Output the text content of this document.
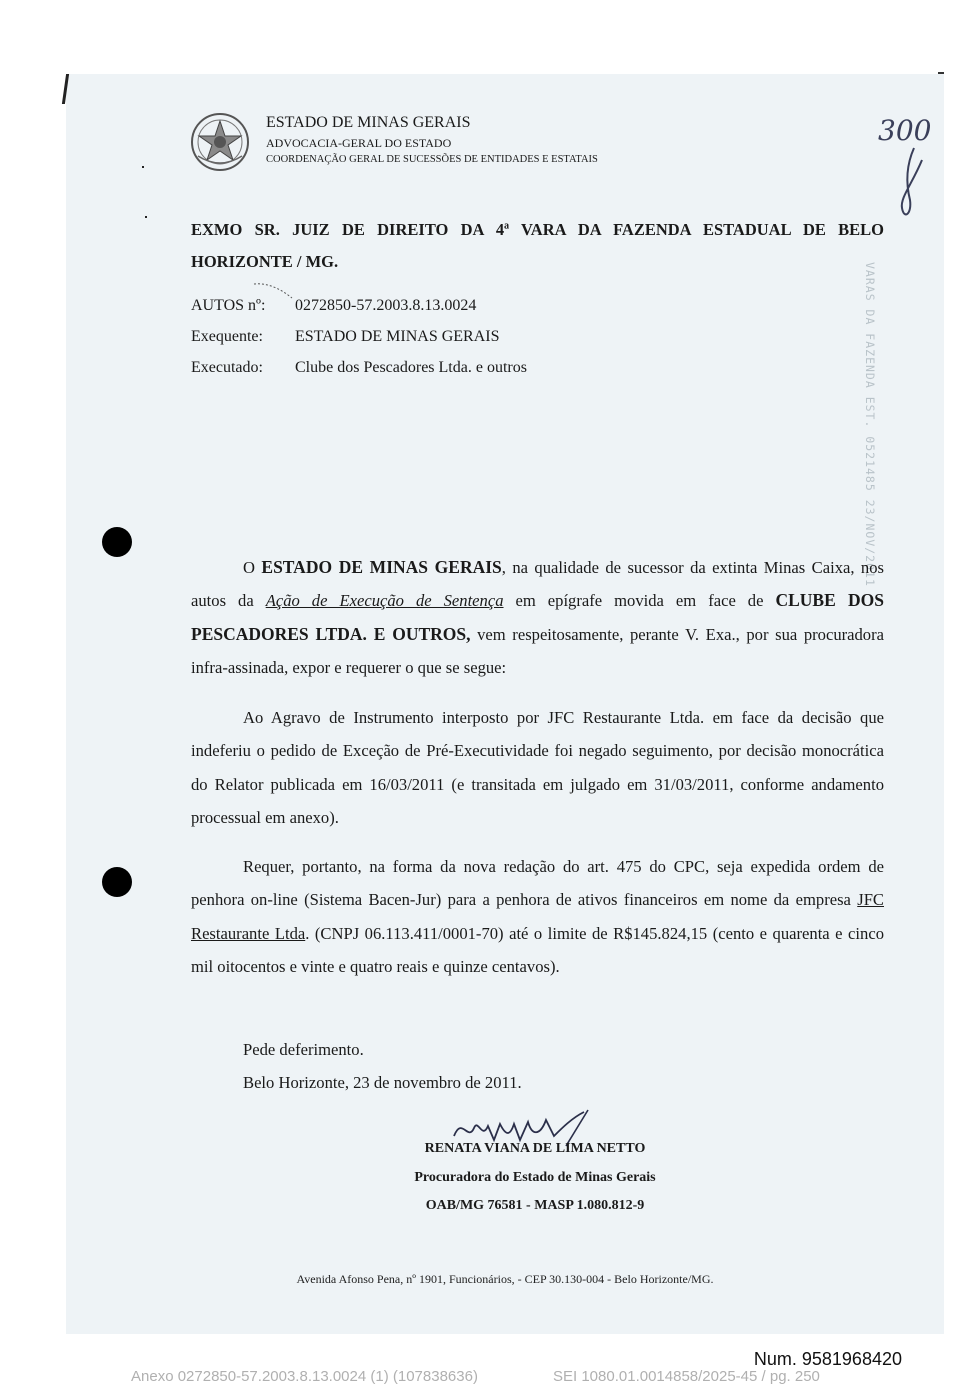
ESTADO DE MINAS GERAIS
ADVOCACIA-GERAL DO ESTADO
COORDENAÇÃO GERAL DE SUCESSÕES DE ENTIDADES E ESTATAIS
300
VARAS DA FAZENDA EST. 0521485 23/NOV/2011
EXMO SR. JUIZ DE DIREITO DA 4ª VARA DA FAZENDA ESTADUAL DE BELO HORIZONTE / MG.
AUTOS nº: 0272850-57.2003.8.13.0024
Exequente: ESTADO DE MINAS GERAIS
Executado: Clube dos Pescadores Ltda. e outros

O ESTADO DE MINAS GERAIS, na qualidade de sucessor da extinta Minas Caixa, nos autos da Ação de Execução de Sentença em epígrafe movida em face de CLUBE DOS PESCADORES LTDA. E OUTROS, vem respeitosamente, perante V. Exa., por sua procuradora infra-assinada, expor e requerer o que se segue:

Ao Agravo de Instrumento interposto por JFC Restaurante Ltda. em face da decisão que indeferiu o pedido de Exceção de Pré-Executividade foi negado seguimento, por decisão monocrática do Relator publicada em 16/03/2011 (e transitada em julgado em 31/03/2011, conforme andamento processual em anexo).

Requer, portanto, na forma da nova redação do art. 475 do CPC, seja expedida ordem de penhora on-line (Sistema Bacen-Jur) para a penhora de ativos financeiros em nome da empresa JFC Restaurante Ltda. (CNPJ 06.113.411/0001-70) até o limite de R$145.824,15 (cento e quarenta e cinco mil oitocentos e vinte e quatro reais e quinze centavos).

Pede deferimento.
Belo Horizonte, 23 de novembro de 2011.
RENATA VIANA DE LIMA NETTO
Procuradora do Estado de Minas Gerais
OAB/MG 76581 - MASP 1.080.812-9
Avenida Afonso Pena, nº 1901, Funcionários, - CEP 30.130-004 - Belo Horizonte/MG.
Num. 9581968420
Anexo 0272850-57.2003.8.13.0024 (1) (107838636)	SEI 1080.01.0014858/2025-45 / pg. 250
